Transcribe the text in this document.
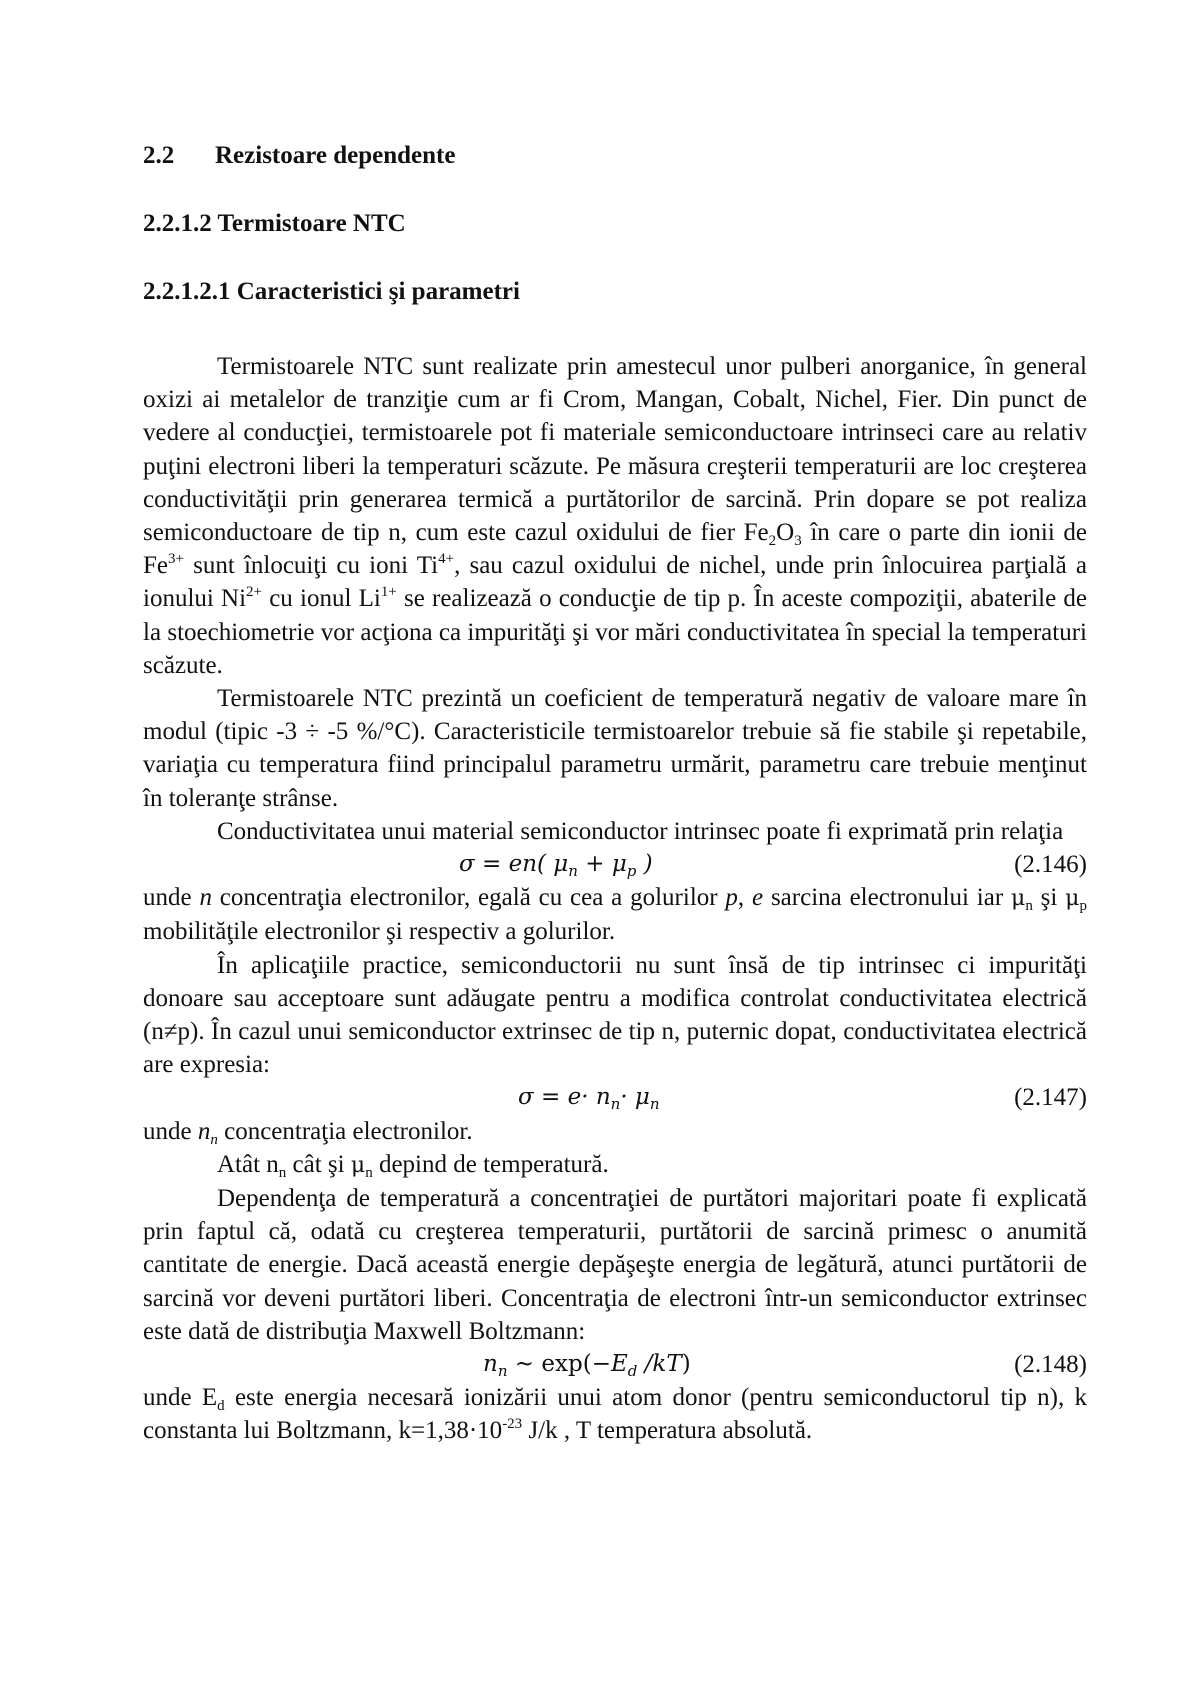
2.2 Rezistoare dependente

2.2.1.2 Termistoare NTC

2.2.1.2.1 Caracteristici şi parametri

Termistoarele NTC sunt realizate prin amestecul unor pulberi anorganice, în general oxizi ai metalelor de tranziţie cum ar fi Crom, Mangan, Cobalt, Nichel, Fier. Din punct de vedere al conducţiei, termistoarele pot fi materiale semiconductoare intrinseci care au relativ puţini electroni liberi la temperaturi scăzute. Pe măsura creşterii temperaturii are loc creşterea conductivităţii prin generarea termică a purtătorilor de sarcină. Prin dopare se pot realiza semiconductoare de tip n, cum este cazul oxidului de fier $Fe_2O_3$ în care o parte din ionii de $Fe^{3+}$ sunt înlocuiţi cu ioni $Ti^{4+}$, sau cazul oxidului de nichel, unde prin înlocuirea parţială a ionului $Ni^{2+}$ cu ionul $Li^{1+}$ se realizează o conducţie de tip p. În aceste compoziţii, abaterile de la stoechiometrie vor acţiona ca impurităţi şi vor mări conductivitatea în special la temperaturi scăzute.

Termistoarele NTC prezintă un coeficient de temperatură negativ de valoare mare în modul (tipic -3 ÷ -5 %/°C). Caracteristicile termistoarelor trebuie să fie stabile şi repetabile, variaţia cu temperatura fiind principalul parametru urmărit, parametru care trebuie menţinut în toleranţe strânse.

Conductivitatea unui material semiconductor intrinsec poate fi exprimată prin relaţia

σ = en( $\mu_n + \mu_p$ )	(2.146)

unde n concentraţia electronilor, egală cu cea a golurilor p, e sarcina electronului iar $\mu_n$ şi $\mu_p$ mobilităţile electronilor şi respectiv a golurilor.

În aplicaţiile practice, semiconductorii nu sunt însă de tip intrinsec ci impurităţi donoare sau acceptoare sunt adăugate pentru a modifica controlat conductivitatea electrică (n≠p). În cazul unui semiconductor extrinsec de tip n, puternic dopat, conductivitatea electrică are expresia:

$\sigma = e\cdot n_n\cdot \mu_n$	(2.147)

unde $n_n$ concentraţia electronilor.

Atât $n_n$ cât şi $\mu_n$ depind de temperatură.

Dependenţa de temperatură a concentraţiei de purtători majoritari poate fi explicată prin faptul că, odată cu creşterea temperaturii, purtătorii de sarcină primesc o anumită cantitate de energie. Dacă această energie depăşeşte energia de legătură, atunci purtătorii de sarcină vor deveni purtători liberi. Concentraţia de electroni într-un semiconductor extrinsec este dată de distribuţia Maxwell Boltzmann:

$n_n$ ~ $\exp(-E_d$ /kT)	(2.148)

unde $E_d$ este energia necesară ionizării unui atom donor (pentru semiconductorul tip n), k constanta lui Boltzmann, $k=1,38\cdot 10^{-23}$ J/k , T temperatura absolută.
